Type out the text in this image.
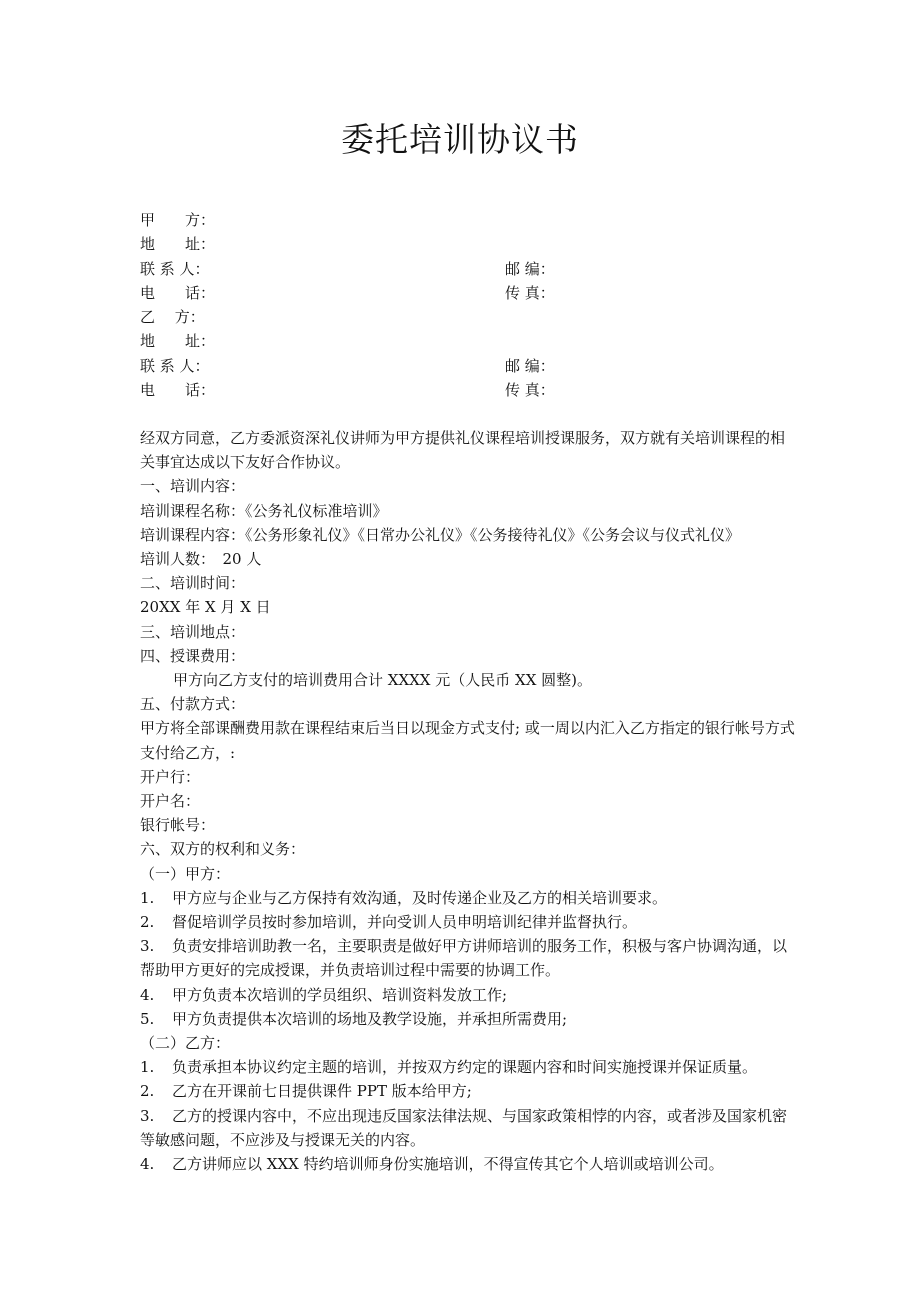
委托培训协议书
甲　　方：
地　　址：
联 系 人：	邮 编：
电　　话：	传 真：
乙　 方：
地　　址：
联 系 人：	邮 编：
电　　话：	传 真：

经双方同意，乙方委派资深礼仪讲师为甲方提供礼仪课程培训授课服务，双方就有关培训课程的相关事宜达成以下友好合作协议。

一、培训内容：

培训课程名称：《公务礼仪标准培训》

培训课程内容：《公务形象礼仪》《日常办公礼仪》《公务接待礼仪》《公务会议与仪式礼仪》

培训人数：　20 人

二、培训时间：

20XX 年 X 月 X 日

三、培训地点：

四、授课费用：

甲方向乙方支付的培训费用合计 XXXX 元（人民币 XX 圆整)。

五、付款方式：

甲方将全部课酬费用款在课程结束后当日以现金方式支付; 或一周以内汇入乙方指定的银行帐号方式支付给乙方，:

开户行：

开户名：

银行帐号：

六、双方的权利和义务：

（一）甲方：

1. 甲方应与企业与乙方保持有效沟通，及时传递企业及乙方的相关培训要求。

2. 督促培训学员按时参加培训，并向受训人员申明培训纪律并监督执行。

3. 负责安排培训助教一名，主要职责是做好甲方讲师培训的服务工作，积极与客户协调沟通，以帮助甲方更好的完成授课，并负责培训过程中需要的协调工作。

4. 甲方负责本次培训的学员组织、培训资料发放工作;

5. 甲方负责提供本次培训的场地及教学设施，并承担所需费用;

（二）乙方：

1. 负责承担本协议约定主题的培训，并按双方约定的课题内容和时间实施授课并保证质量。

2. 乙方在开课前七日提供课件 PPT 版本给甲方;

3. 乙方的授课内容中，不应出现违反国家法律法规、与国家政策相悖的内容，或者涉及国家机密等敏感问题，不应涉及与授课无关的内容。

4. 乙方讲师应以 XXX 特约培训师身份实施培训，不得宣传其它个人培训或培训公司。
